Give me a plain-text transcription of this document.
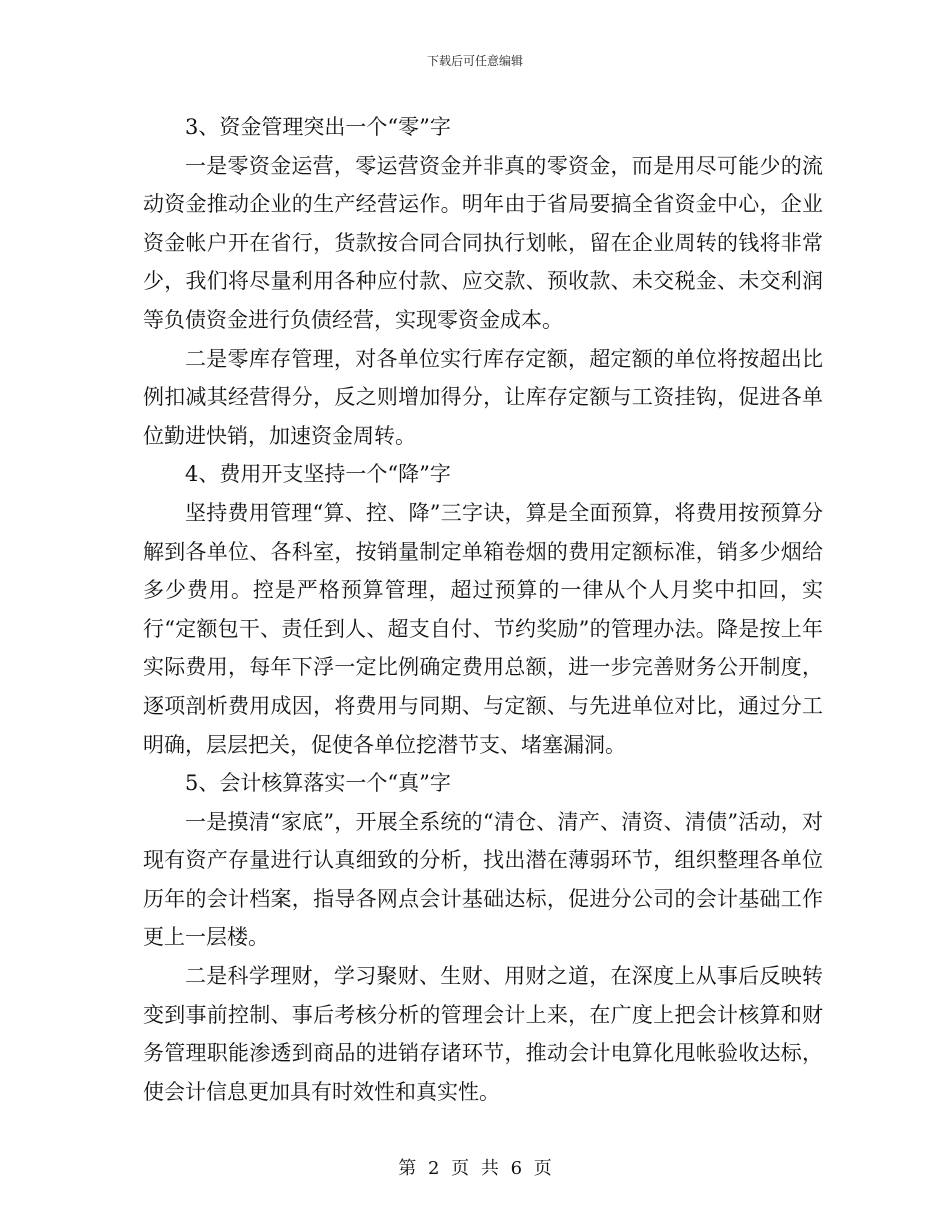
下载后可任意编辑

3、资金管理突出一个“零”字

一是零资金运营，零运营资金并非真的零资金，而是用尽可能少的流动资金推动企业的生产经营运作。明年由于省局要搞全省资金中心，企业资金帐户开在省行，货款按合同合同执行划帐，留在企业周转的钱将非常少，我们将尽量利用各种应付款、应交款、预收款、未交税金、未交利润等负债资金进行负债经营，实现零资金成本。

二是零库存管理，对各单位实行库存定额，超定额的单位将按超出比例扣减其经营得分，反之则增加得分，让库存定额与工资挂钩，促进各单位勤进快销，加速资金周转。

4、费用开支坚持一个“降”字

坚持费用管理“算、控、降”三字诀，算是全面预算，将费用按预算分解到各单位、各科室，按销量制定单箱卷烟的费用定额标准，销多少烟给多少费用。控是严格预算管理，超过预算的一律从个人月奖中扣回，实行“定额包干、责任到人、超支自付、节约奖励”的管理办法。降是按上年实际费用，每年下浮一定比例确定费用总额，进一步完善财务公开制度，逐项剖析费用成因，将费用与同期、与定额、与先进单位对比，通过分工明确，层层把关，促使各单位挖潜节支、堵塞漏洞。

5、会计核算落实一个“真”字

一是摸清“家底”，开展全系统的“清仓、清产、清资、清债”活动，对现有资产存量进行认真细致的分析，找出潜在薄弱环节，组织整理各单位历年的会计档案，指导各网点会计基础达标，促进分公司的会计基础工作更上一层楼。

二是科学理财，学习聚财、生财、用财之道，在深度上从事后反映转变到事前控制、事后考核分析的管理会计上来，在广度上把会计核算和财务管理职能渗透到商品的进销存诸环节，推动会计电算化甩帐验收达标，使会计信息更加具有时效性和真实性。

第 2 页 共 6 页
